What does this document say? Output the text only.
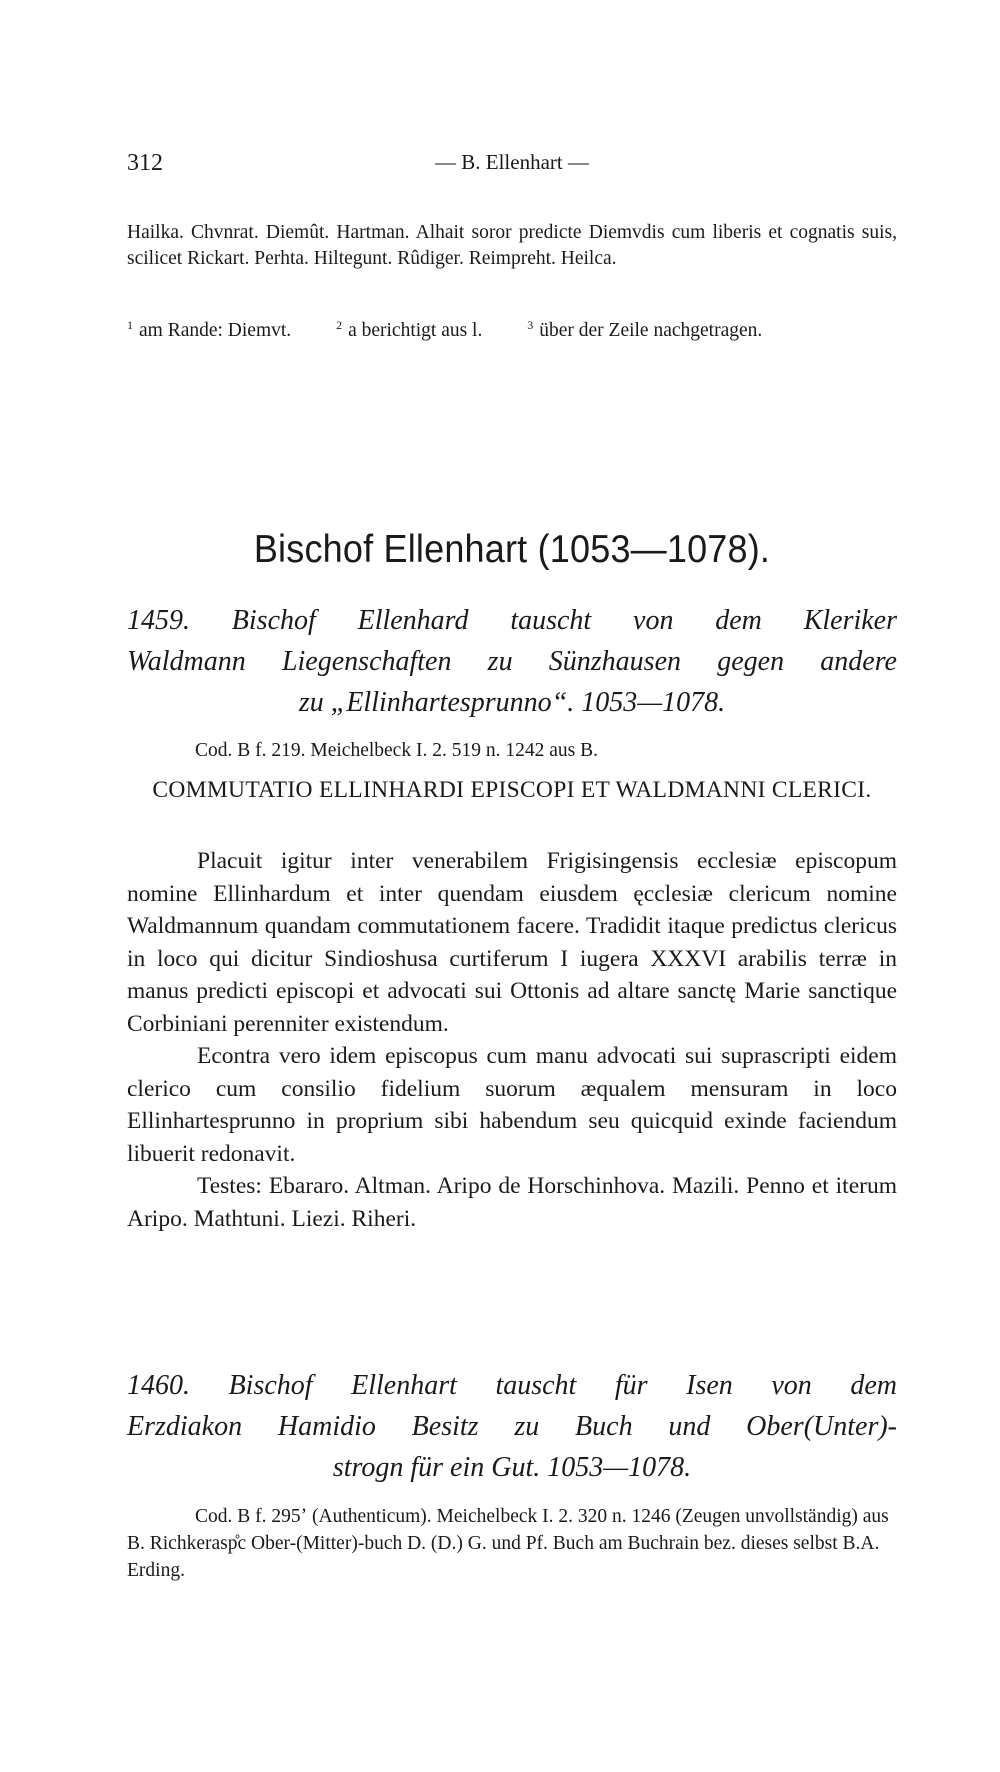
312	— B. Ellenhart —
Hailka. Chvnrat. Diemût. Hartman. Alhait soror predicte Diemvdis cum liberis et cognatis suis, scilicet Rickart. Perhta. Hiltegunt. Rûdiger. Reimpreht. Heilca.
$^1$ am Rande: Diemvt.	$^2$ a berichtigt aus l.	$^3$ über der Zeile nachgetragen.
Bischof Ellenhart (1053—1078).
1459. Bischof Ellenhard tauscht von dem Kleriker
Waldmann Liegenschaften zu Sünzhausen gegen andere
zu „Ellinhartesprunno“. 1053—1078.
Cod. B f. 219. Meichelbeck I. 2. 519 n. 1242 aus B.
COMMUTATIO ELLINHARDI EPISCOPI ET WALDMANNI CLERICI.

Placuit igitur inter venerabilem Frigisingensis ecclesiæ episcopum nomine Ellinhardum et inter quendam eiusdem ęcclesiæ clericum nomine Waldmannum quandam commutationem facere. Tradidit itaque predictus clericus in loco qui dicitur Sindioshusa curtiferum I iugera XXXVI arabilis terræ in manus predicti episcopi et advocati sui Ottonis ad altare sanctę Marie sanctique Corbiniani perenniter existendum.

Econtra vero idem episcopus cum manu advocati sui suprascripti eidem clerico cum consilio fidelium suorum æqualem mensuram in loco Ellinhartesprunno in proprium sibi habendum seu quicquid exinde faciendum libuerit redonavit.

Testes: Ebararo. Altman. Aripo de Horschinhova. Mazili. Penno et iterum Aripo. Mathtuni. Liezi. Riheri.

1460. Bischof Ellenhart tauscht für Isen von dem
Erzdiakon Hamidio Besitz zu Buch und Ober(Unter)-
strogn für ein Gut. 1053—1078.
Cod. B f. 295ʼ (Authenticum). Meichelbeck I. 2. 320 n. 1246 (Zeugen unvollständig) aus B. Richkerasp̊c Ober-(Mitter)-buch D. (D.) G. und Pf. Buch am Buchrain bez. dieses selbst B.A. Erding.
